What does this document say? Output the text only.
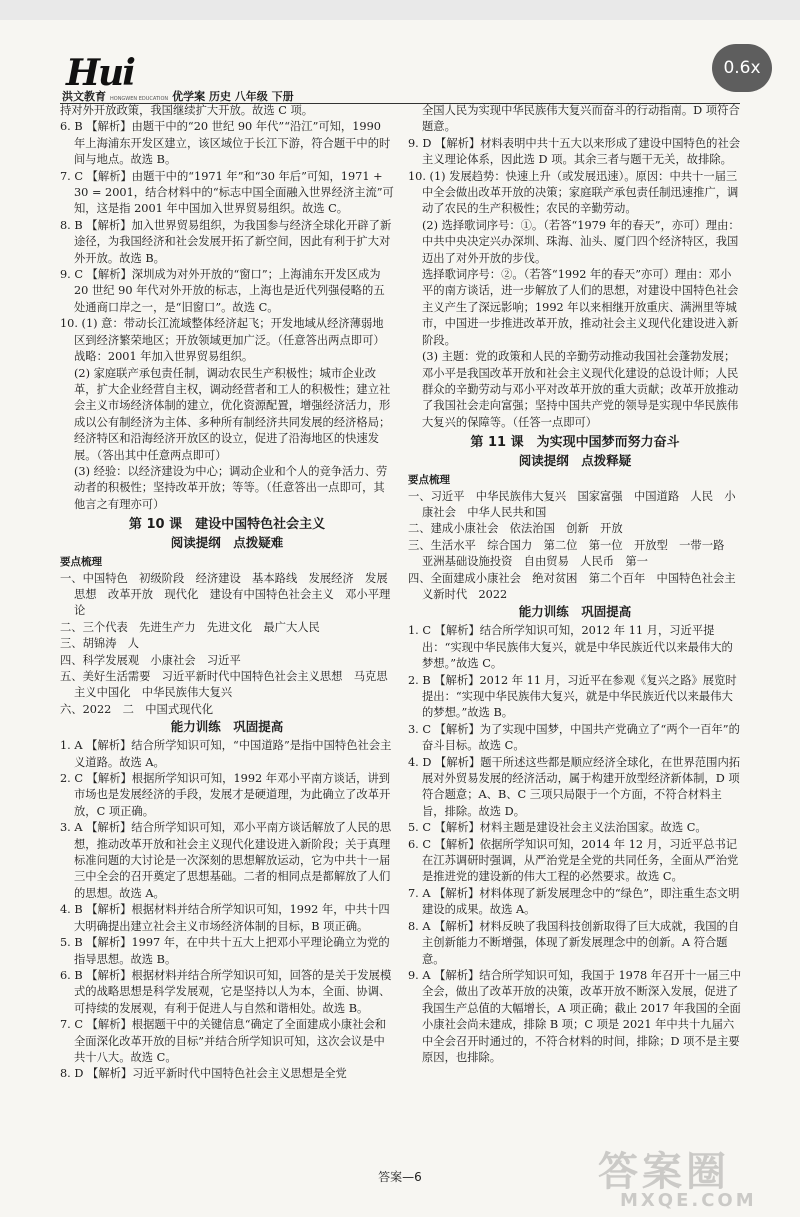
Hui
洪文教育 HONGWEN EDUCATION 优学案 历史 八年级 下册
0.6x

持对外开放政策，我国继续扩大开放。故选 C 项。

6. B 【解析】由题干中的“20 世纪 90 年代”“沿江”可知，1990 年上海浦东开发区建立，该区域位于长江下游，符合题干中的时间与地点。故选 B。

7. C 【解析】由题干中的“1971 年”和“30 年后”可知，1971 + 30 = 2001，结合材料中的“标志中国全面融入世界经济主流”可知，这是指 2001 年中国加入世界贸易组织。故选 C。

8. B 【解析】加入世界贸易组织，为我国参与经济全球化开辟了新途径，为我国经济和社会发展开拓了新空间，因此有利于扩大对外开放。故选 B。

9. C 【解析】深圳成为对外开放的“窗口”；上海浦东开发区成为 20 世纪 90 年代对外开放的标志，上海也是近代列强侵略的五处通商口岸之一，是“旧窗口”。故选 C。

10. (1) 意：带动长江流域整体经济起飞；开发地域从经济薄弱地区到经济繁荣地区；开放领域更加广泛。（任意答出两点即可）战略：2001 年加入世界贸易组织。

(2) 家庭联产承包责任制，调动农民生产积极性；城市企业改革，扩大企业经营自主权，调动经营者和工人的积极性；建立社会主义市场经济体制的建立，优化资源配置，增强经济活力，形成以公有制经济为主体、多种所有制经济共同发展的经济格局；经济特区和沿海经济开放区的设立，促进了沿海地区的快速发展。（答出其中任意两点即可）

(3) 经验：以经济建设为中心；调动企业和个人的竞争活力、劳动者的积极性；坚持改革开放；等等。（任意答出一点即可，其他言之有理亦可）

第 10 课　建设中国特色社会主义

阅读提纲　点拨疑难

要点梳理

一、中国特色　初级阶段　经济建设　基本路线　发展经济　发展　思想　改革开放　现代化　建设有中国特色社会主义　邓小平理论

二、三个代表　先进生产力　先进文化　最广大人民

三、胡锦涛　人

四、科学发展观　小康社会　习近平

五、美好生活需要　习近平新时代中国特色社会主义思想　马克思主义中国化　中华民族伟大复兴

六、2022　二　中国式现代化

能力训练　巩固提高

1. A 【解析】结合所学知识可知，“中国道路”是指中国特色社会主义道路。故选 A。

2. C 【解析】根据所学知识可知，1992 年邓小平南方谈话，讲到市场也是发展经济的手段，发展才是硬道理，为此确立了改革开放，C 项正确。

3. A 【解析】结合所学知识可知，邓小平南方谈话解放了人民的思想，推动改革开放和社会主义现代化建设进入新阶段；关于真理标准问题的大讨论是一次深刻的思想解放运动，它为中共十一届三中全会的召开奠定了思想基础。二者的相同点是都解放了人们的思想。故选 A。

4. B 【解析】根据材料并结合所学知识可知，1992 年，中共十四大明确提出建立社会主义市场经济体制的目标，B 项正确。

5. B 【解析】1997 年，在中共十五大上把邓小平理论确立为党的指导思想。故选 B。

6. B 【解析】根据材料并结合所学知识可知，回答的是关于发展模式的战略思想是科学发展观，它是坚持以人为本，全面、协调、可持续的发展观，有利于促进人与自然和谐相处。故选 B。

7. C 【解析】根据题干中的关键信息“确定了全面建成小康社会和全面深化改革开放的目标”并结合所学知识可知，这次会议是中共十八大。故选 C。

8. D 【解析】习近平新时代中国特色社会主义思想是全党

全国人民为实现中华民族伟大复兴而奋斗的行动指南。D 项符合题意。

9. D 【解析】材料表明中共十五大以来形成了建设中国特色的社会主义理论体系，因此选 D 项。其余三者与题干无关，故排除。

10. (1) 发展趋势：快速上升（或发展迅速）。原因：中共十一届三中全会做出改革开放的决策；家庭联产承包责任制迅速推广，调动了农民的生产积极性；农民的辛勤劳动。

(2) 选择歌词序号：①。（若答“1979 年的春天”，亦可）理由：中共中央决定兴办深圳、珠海、汕头、厦门四个经济特区，我国迈出了对外开放的步伐。

选择歌词序号：②。（若答“1992 年的春天”亦可）理由：邓小平的南方谈话，进一步解放了人们的思想，对建设中国特色社会主义产生了深远影响；1992 年以来相继开放重庆、满洲里等城市，中国进一步推进改革开放，推动社会主义现代化建设进入新阶段。

(3) 主题：党的政策和人民的辛勤劳动推动我国社会蓬勃发展；邓小平是我国改革开放和社会主义现代化建设的总设计师；人民群众的辛勤劳动与邓小平对改革开放的重大贡献；改革开放推动了我国社会走向富强；坚持中国共产党的领导是实现中华民族伟大复兴的保障等。（任答一点即可）

第 11 课　为实现中国梦而努力奋斗

阅读提纲　点拨释疑

要点梳理

一、习近平　中华民族伟大复兴　国家富强　中国道路　人民　小康社会　中华人民共和国

二、建成小康社会　依法治国　创新　开放

三、生活水平　综合国力　第二位　第一位　开放型　一带一路　亚洲基础设施投资　自由贸易　人民币　第一

四、全面建成小康社会　绝对贫困　第二个百年　中国特色社会主义新时代　2022

能力训练　巩固提高

1. C 【解析】结合所学知识可知，2012 年 11 月，习近平提出：“实现中华民族伟大复兴，就是中华民族近代以来最伟大的梦想。”故选 C。

2. B 【解析】2012 年 11 月，习近平在参观《复兴之路》展览时提出：“实现中华民族伟大复兴，就是中华民族近代以来最伟大的梦想。”故选 B。

3. C 【解析】为了实现中国梦，中国共产党确立了“两个一百年”的奋斗目标。故选 C。

4. D 【解析】题干所述这些都是顺应经济全球化，在世界范围内拓展对外贸易发展的经济活动，属于构建开放型经济新体制，D 项符合题意；A、B、C 三项只局限于一个方面，不符合材料主旨，排除。故选 D。

5. C 【解析】材料主题是建设社会主义法治国家。故选 C。

6. C 【解析】依据所学知识可知，2014 年 12 月，习近平总书记在江苏调研时强调，从严治党是全党的共同任务，全面从严治党是推进党的建设新的伟大工程的必然要求。故选 C。

7. A 【解析】材料体现了新发展理念中的“绿色”，即注重生态文明建设的成果。故选 A。

8. A 【解析】材料反映了我国科技创新取得了巨大成就，我国的自主创新能力不断增强，体现了新发展理念中的创新。A 符合题意。

9. A 【解析】结合所学知识可知，我国于 1978 年召开十一届三中全会，做出了改革开放的决策，改革开放不断深入发展，促进了我国生产总值的大幅增长，A 项正确；截止 2017 年我国的全面小康社会尚未建成，排除 B 项；C 项是 2021 年中共十九届六中全会召开时通过的，不符合材料的时间，排除；D 项不是主要原因，也排除。

答案—6	答案圈
MXQE.COM
